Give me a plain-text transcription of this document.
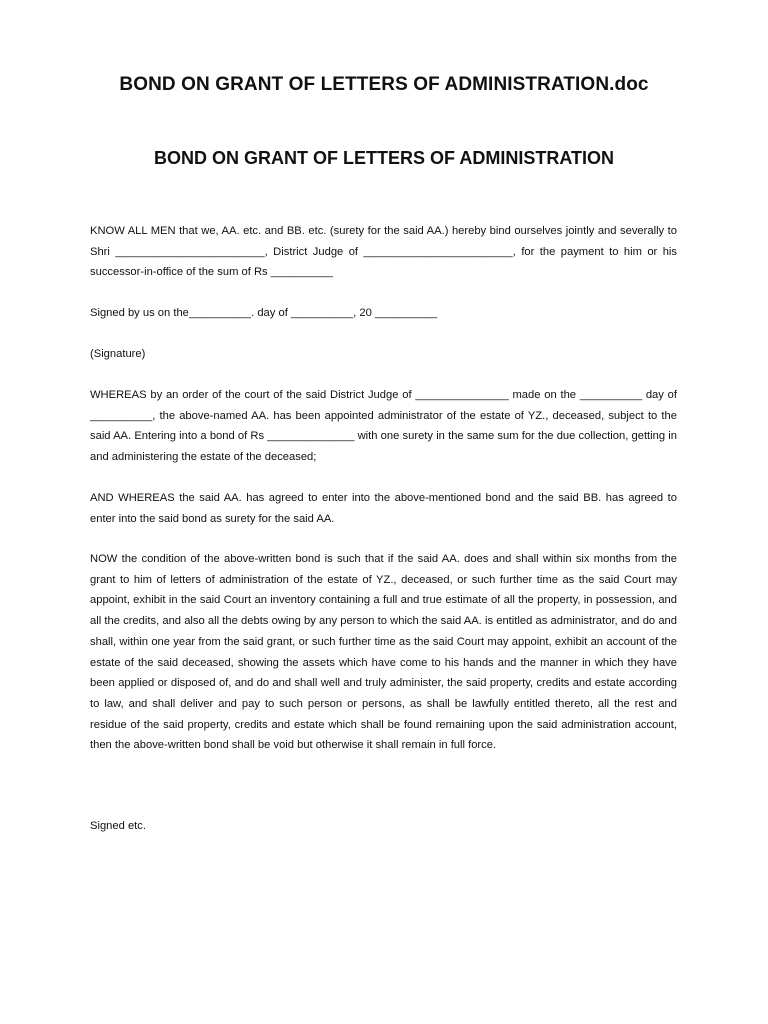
BOND ON GRANT OF LETTERS OF ADMINISTRATION.doc
BOND ON GRANT OF LETTERS OF ADMINISTRATION
KNOW ALL MEN that we, AA. etc. and BB. etc. (surety for the said AA.) hereby bind ourselves jointly and severally to Shri ________________________, District Judge of ________________________, for the payment to him or his successor-in-office of the sum of Rs __________
Signed by us on the__________. day of __________, 20 __________
(Signature)
WHEREAS by an order of the court of the said District Judge of _______________ made on the __________ day of __________, the above-named AA. has been appointed administrator of the estate of YZ., deceased, subject to the said AA. Entering into a bond of Rs ______________ with one surety in the same sum for the due collection, getting in and administering the estate of the deceased;
AND WHEREAS the said AA. has agreed to enter into the above-mentioned bond and the said BB. has agreed to enter into the said bond as surety for the said AA.
NOW the condition of the above-written bond is such that if the said AA. does and shall within six months from the grant to him of letters of administration of the estate of YZ., deceased, or such further time as the said Court may appoint, exhibit in the said Court an inventory containing a full and true estimate of all the property, in possession, and all the credits, and also all the debts owing by any person to which the said AA. is entitled as administrator, and do and shall, within one year from the said grant, or such further time as the said Court may appoint, exhibit an account of the estate of the said deceased, showing the assets which have come to his hands and the manner in which they have been applied or disposed of, and do and shall well and truly administer, the said property, credits and estate according to law, and shall deliver and pay to such person or persons, as shall be lawfully entitled thereto, all the rest and residue of the said property, credits and estate which shall be found remaining upon the said administration account, then the above-written bond shall be void but otherwise it shall remain in full force.
Signed etc.
